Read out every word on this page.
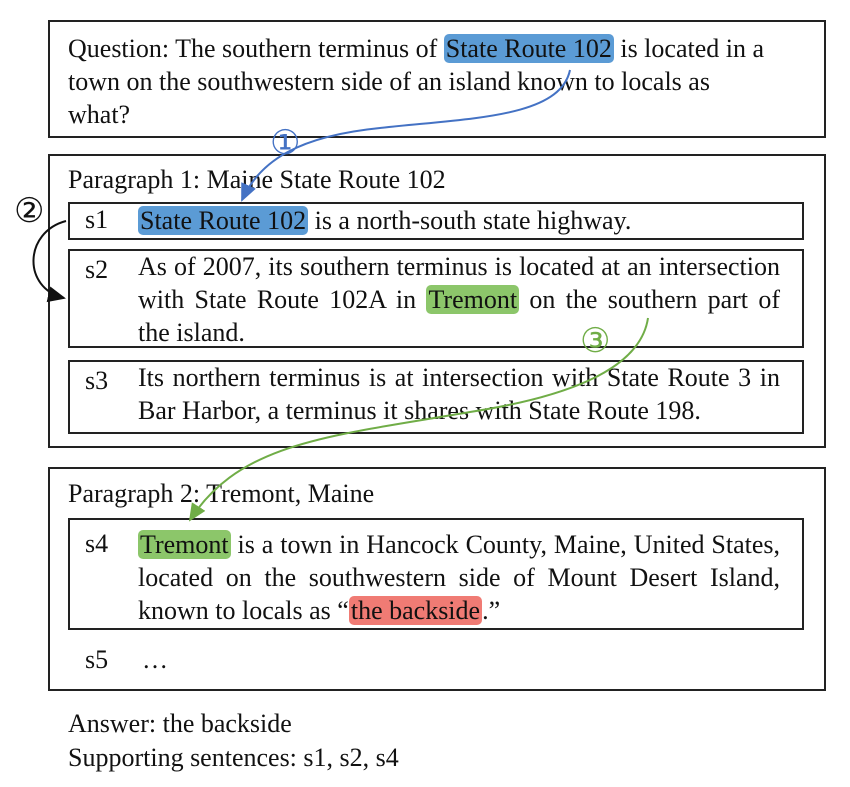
Question: The southern terminus of State Route 102 is located in a town on the southwestern side of an island known to locals as what?
Paragraph 1: Maine State Route 102
s1 State Route 102 is a north-south state highway.
s2 As of 2007, its southern terminus is located at an intersection with State Route 102A in Tremont on the southern part of the island.
s3 Its northern terminus is at intersection with State Route 3 in Bar Harbor, a terminus it shares with State Route 198.
Paragraph 2: Tremont, Maine
s4 Tremont is a town in Hancock County, Maine, United States, located on the southwestern side of Mount Desert Island, known to locals as “the backside.”
s5 …
Answer: the backside
Supporting sentences: s1, s2, s4
①
②
③
